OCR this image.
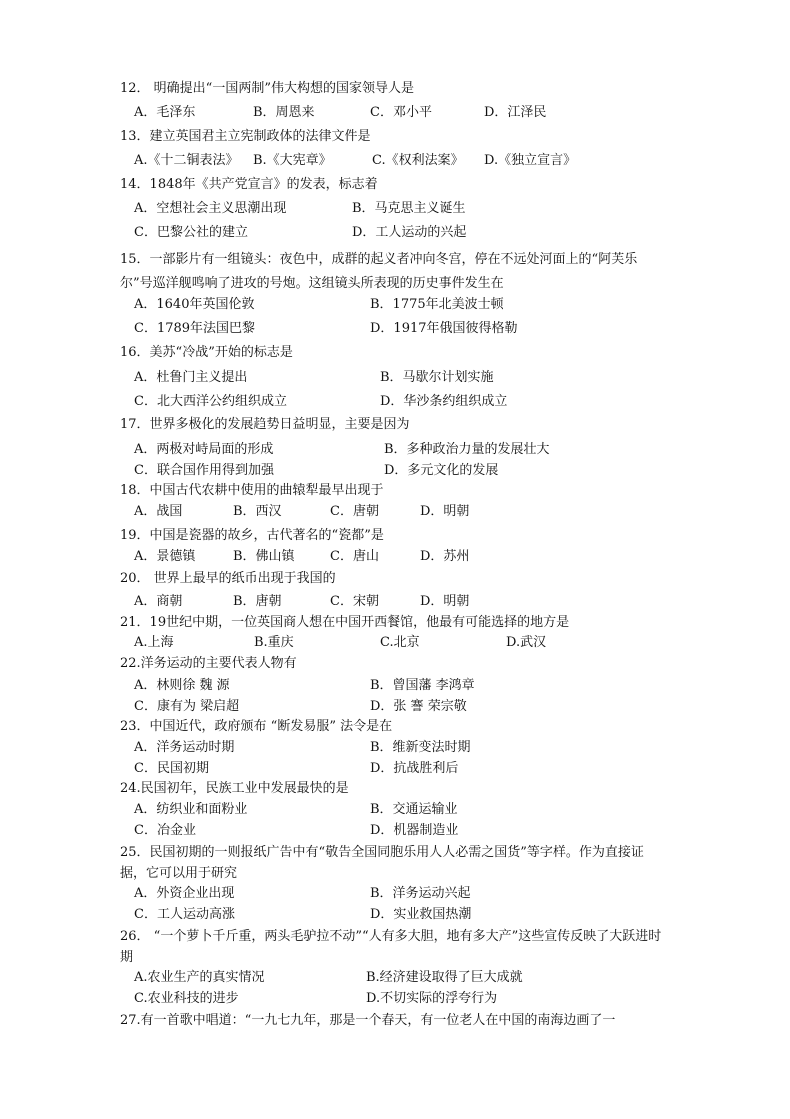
12． 明确提出“一国两制”伟大构想的国家领导人是
A．毛泽东	B．周恩来	C．邓小平	D．江泽民
13．建立英国君主立宪制政体的法律文件是
A.《十二铜表法》 B.《大宪章》	C.《权利法案》 D.《独立宣言》
14．1848年《共产党宣言》的发表，标志着
A．空想社会主义思潮出现	B．马克思主义诞生
C．巴黎公社的建立	D．工人运动的兴起
15．一部影片有一组镜头：夜色中，成群的起义者冲向冬宫，停在不远处河面上的“阿芙乐尔”号巡洋舰鸣响了进攻的号炮。这组镜头所表现的历史事件发生在
A．1640年英国伦敦	B．1775年北美波士顿
C．1789年法国巴黎	D．1917年俄国彼得格勒
16．美苏“冷战”开始的标志是
A．杜鲁门主义提出	B．马歇尔计划实施
C．北大西洋公约组织成立	D．华沙条约组织成立
17．世界多极化的发展趋势日益明显，主要是因为
A．两极对峙局面的形成	B．多种政治力量的发展壮大
C．联合国作用得到加强	D．多元文化的发展
18．中国古代农耕中使用的曲辕犁最早出现于
A．战国	B．西汉	C．唐朝	D．明朝
19．中国是瓷器的故乡，古代著名的“瓷都”是
A．景德镇	B．佛山镇	C．唐山	D．苏州
20． 世界上最早的纸币出现于我国的
A．商朝	B．唐朝	C．宋朝	D．明朝
21．19世纪中期，一位英国商人想在中国开西餐馆，他最有可能选择的地方是
A.上海	B.重庆	C.北京	D.武汉
22.洋务运动的主要代表人物有
A．林则徐 魏 源	B．曾国藩 李鸿章
C．康有为 梁启超	D．张 謇 荣宗敬
23．中国近代，政府颁布 “断发易服” 法令是在
A．洋务运动时期	B．维新变法时期
C．民国初期	D．抗战胜利后
24.民国初年，民族工业中发展最快的是
A．纺织业和面粉业	B．交通运输业
C．冶金业	D．机器制造业
25．民国初期的一则报纸广告中有“敬告全国同胞乐用人人必需之国货”等字样。作为直接证据，它可以用于研究
A．外资企业出现	B．洋务运动兴起
C．工人运动高涨	D．实业救国热潮
26． “一个萝卜千斤重，两头毛驴拉不动”“人有多大胆，地有多大产”这些宣传反映了大跃进时期
A.农业生产的真实情况	B.经济建设取得了巨大成就
C.农业科技的进步	D.不切实际的浮夸行为
27.有一首歌中唱道：“一九七九年，那是一个春天，有一位老人在中国的南海边画了一
